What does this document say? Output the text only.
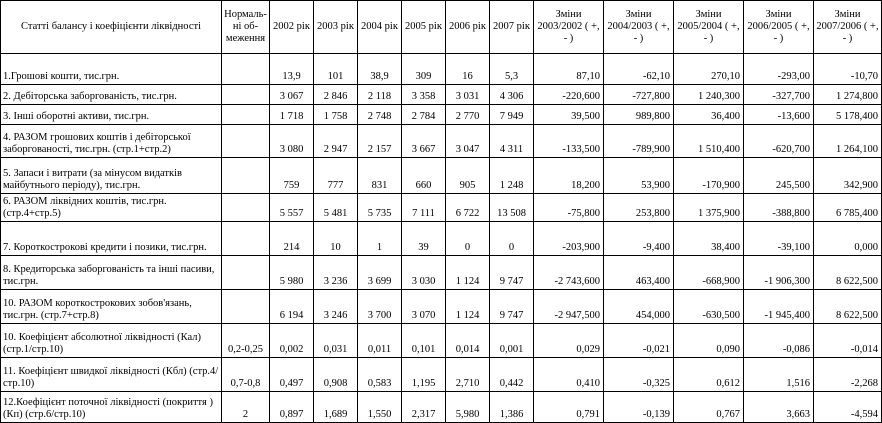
Статті балансу і коефіцієнти ліквідності	Нормаль-ні об-меження	2002 рік	2003 рік	2004 рік	2005 рік	2006 рік	2007 рік	Зміни 2003/2002 ( +, - )	Зміни 2004/2003 ( +, - )	Зміни 2005/2004 ( +, - )	Зміни 2006/2005 ( +, - )	Зміни 2007/2006 ( +, - )
1.Грошові кошти, тис.грн.		13,9	101	38,9	309	16	5,3	87,10	-62,10	270,10	-293,00	-10,70
2. Дебіторська заборгованість, тис.грн.		3 067	2 846	2 118	3 358	3 031	4 306	-220,600	-727,800	1 240,300	-327,700	1 274,800
3. Інші оборотні активи, тис.грн.		1 718	1 758	2 748	2 784	2 770	7 949	39,500	989,800	36,400	-13,600	5 178,400
4. РАЗОМ грошових коштів і дебіторської заборгованості, тис.грн. (стр.1+стр.2)		3 080	2 947	2 157	3 667	3 047	4 311	-133,500	-789,900	1 510,400	-620,700	1 264,100
5. Запаси і витрати (за мінусом видатків майбутнього періоду), тис.грн.		759	777	831	660	905	1 248	18,200	53,900	-170,900	245,500	342,900
6. РАЗОМ ліквідних коштів, тис.грн. (стр.4+стр.5)		5 557	5 481	5 735	7 111	6 722	13 508	-75,800	253,800	1 375,900	-388,800	6 785,400
7. Короткострокові кредити і позики, тис.грн.		214	10	1	39	0	0	-203,900	-9,400	38,400	-39,100	0,000
8. Кредиторська заборгованість та інші пасиви, тис.грн.		5 980	3 236	3 699	3 030	1 124	9 747	-2 743,600	463,400	-668,900	-1 906,300	8 622,500
10. РАЗОМ короткострокових зобов'язань, тис.грн. (стр.7+стр.8)		6 194	3 246	3 700	3 070	1 124	9 747	-2 947,500	454,000	-630,500	-1 945,400	8 622,500
10. Коефіцієнт абсолютної ліквідності (Кал) (стр.1/стр.10)	0,2-0,25	0,002	0,031	0,011	0,101	0,014	0,001	0,029	-0,021	0,090	-0,086	-0,014
11. Коефіцієнт швидкої ліквідності (Кбл) (стр.4/стр.10)	0,7-0,8	0,497	0,908	0,583	1,195	2,710	0,442	0,410	-0,325	0,612	1,516	-2,268
12.Коефіцієнт поточної ліквідності (покриття ) (Кп) (стр.6/стр.10)	2	0,897	1,689	1,550	2,317	5,980	1,386	0,791	-0,139	0,767	3,663	-4,594
